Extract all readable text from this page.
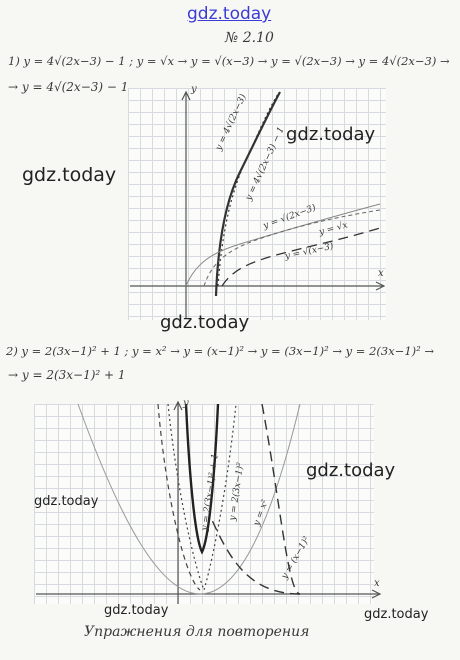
gdz.today
№ 2.10
1) y = 4√(2x−3) − 1 ; y = √x → y = √(x−3) → y = √(2x−3) → y = 4√(2x−3) →
→ y = 4√(2x−3) − 1
y = 4√(2x−3)
y = 4√(2x−3) − 1
y = √(2x−3) y = √x
y = √(x−3)
y
x
2) y = 2(3x−1)² + 1 ; y = x² → y = (x−1)² → y = (3x−1)² → y = 2(3x−1)² →
→ y = 2(3x−1)² + 1
y = 2(3x−1)² + 1 y = 2(3x−1)² y = x²
y = (x−1)²
y
x
Упражнения для повторения
gdz.today
gdz.today
gdz.today
gdz.today
gdz.today
gdz.today	gdz.today
